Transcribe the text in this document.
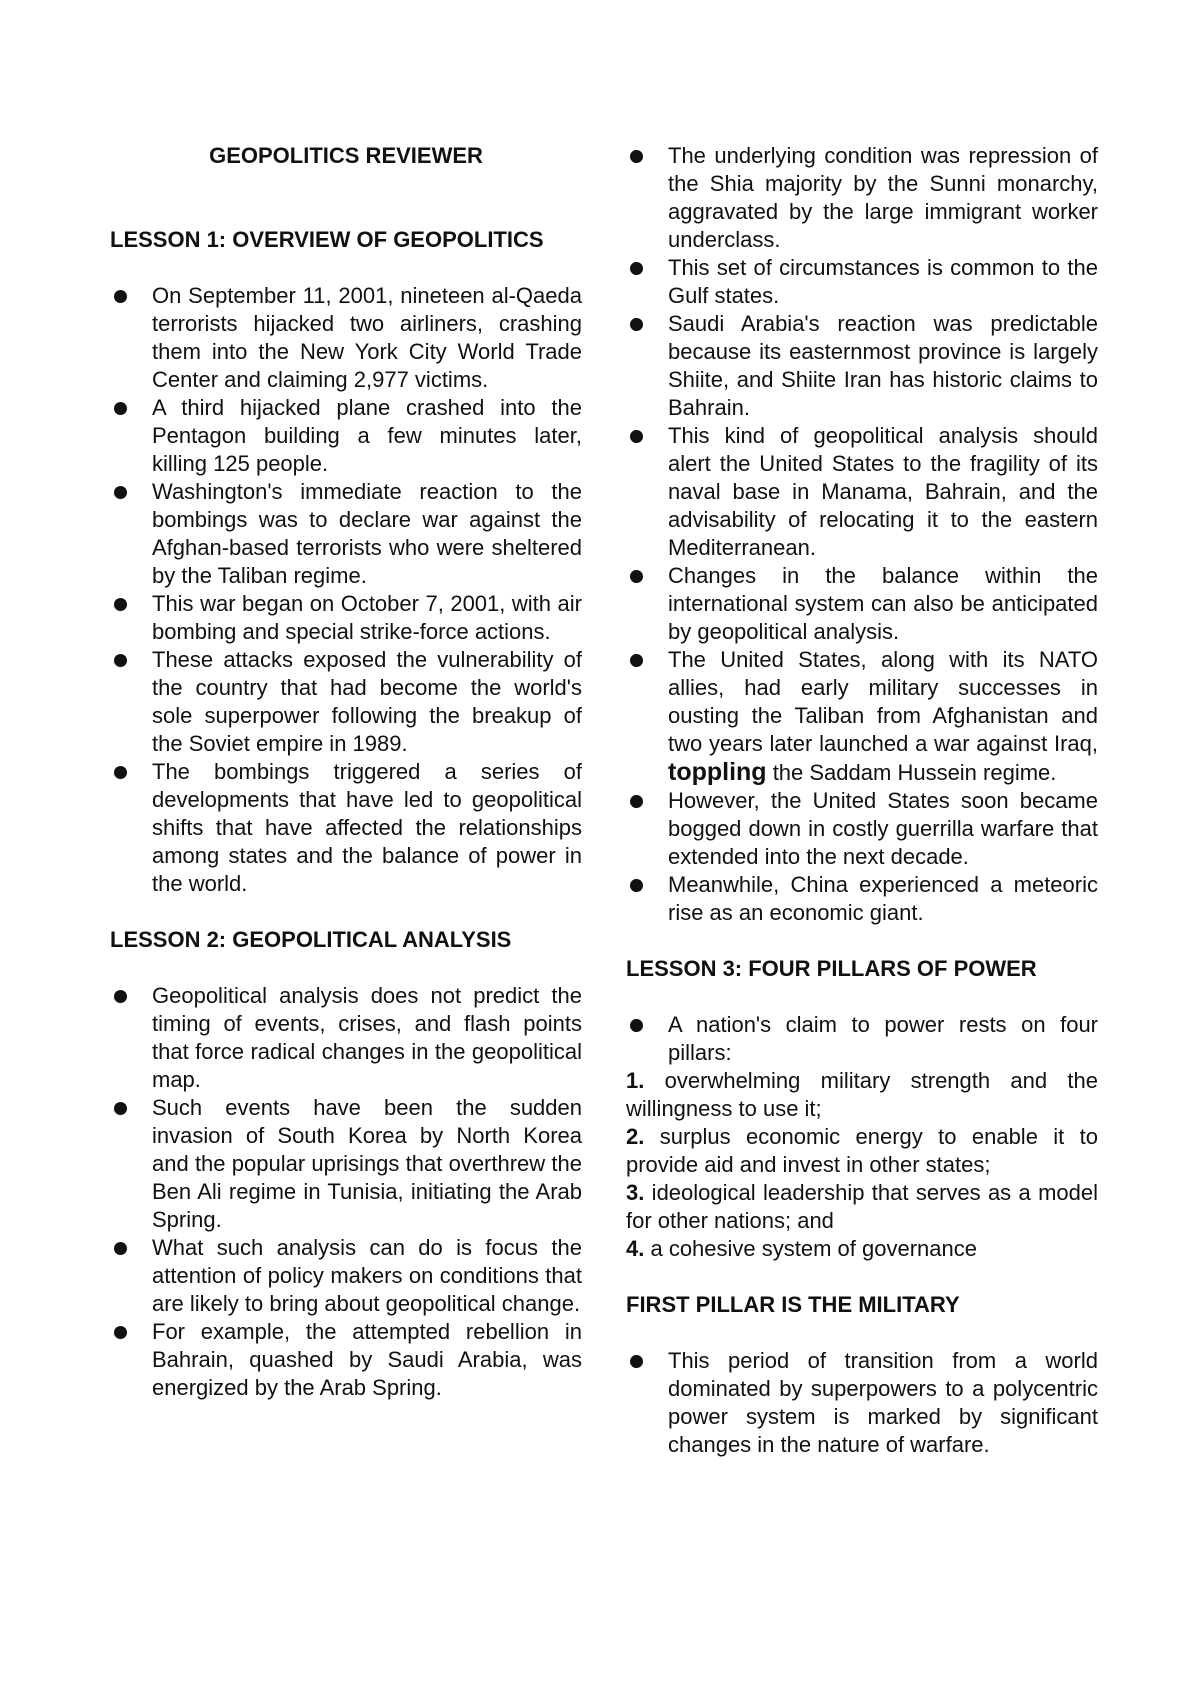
GEOPOLITICS REVIEWER

LESSON 1: OVERVIEW OF GEOPOLITICS

On September 11, 2001, nineteen al-Qaeda terrorists hijacked two airliners, crashing them into the New York City World Trade Center and claiming 2,977 victims.
A third hijacked plane crashed into the Pentagon building a few minutes later, killing 125 people.
Washington's immediate reaction to the bombings was to declare war against the Afghan-based terrorists who were sheltered by the Taliban regime.
This war began on October 7, 2001, with air bombing and special strike-force actions.
These attacks exposed the vulnerability of the country that had become the world's sole superpower following the breakup of the Soviet empire in 1989.
The bombings triggered a series of developments that have led to geopolitical shifts that have affected the relationships among states and the balance of power in the world.

LESSON 2: GEOPOLITICAL ANALYSIS

Geopolitical analysis does not predict the timing of events, crises, and flash points that force radical changes in the geopolitical map.
Such events have been the sudden invasion of South Korea by North Korea and the popular uprisings that overthrew the Ben Ali regime in Tunisia, initiating the Arab Spring.
What such analysis can do is focus the attention of policy makers on conditions that are likely to bring about geopolitical change.
For example, the attempted rebellion in Bahrain, quashed by Saudi Arabia, was energized by the Arab Spring.
The underlying condition was repression of the Shia majority by the Sunni monarchy, aggravated by the large immigrant worker underclass.
This set of circumstances is common to the Gulf states.
Saudi Arabia's reaction was predictable because its easternmost province is largely Shiite, and Shiite Iran has historic claims to Bahrain.
This kind of geopolitical analysis should alert the United States to the fragility of its naval base in Manama, Bahrain, and the advisability of relocating it to the eastern Mediterranean.
Changes in the balance within the international system can also be anticipated by geopolitical analysis.
The United States, along with its NATO allies, had early military successes in ousting the Taliban from Afghanistan and two years later launched a war against Iraq, toppling the Saddam Hussein regime.
However, the United States soon became bogged down in costly guerrilla warfare that extended into the next decade.
Meanwhile, China experienced a meteoric rise as an economic giant.

LESSON 3: FOUR PILLARS OF POWER

A nation's claim to power rests on four pillars:

1. overwhelming military strength and the willingness to use it;

2. surplus economic energy to enable it to provide aid and invest in other states;

3. ideological leadership that serves as a model for other nations; and

4. a cohesive system of governance

FIRST PILLAR IS THE MILITARY

This period of transition from a world dominated by superpowers to a polycentric power system is marked by significant changes in the nature of warfare.
